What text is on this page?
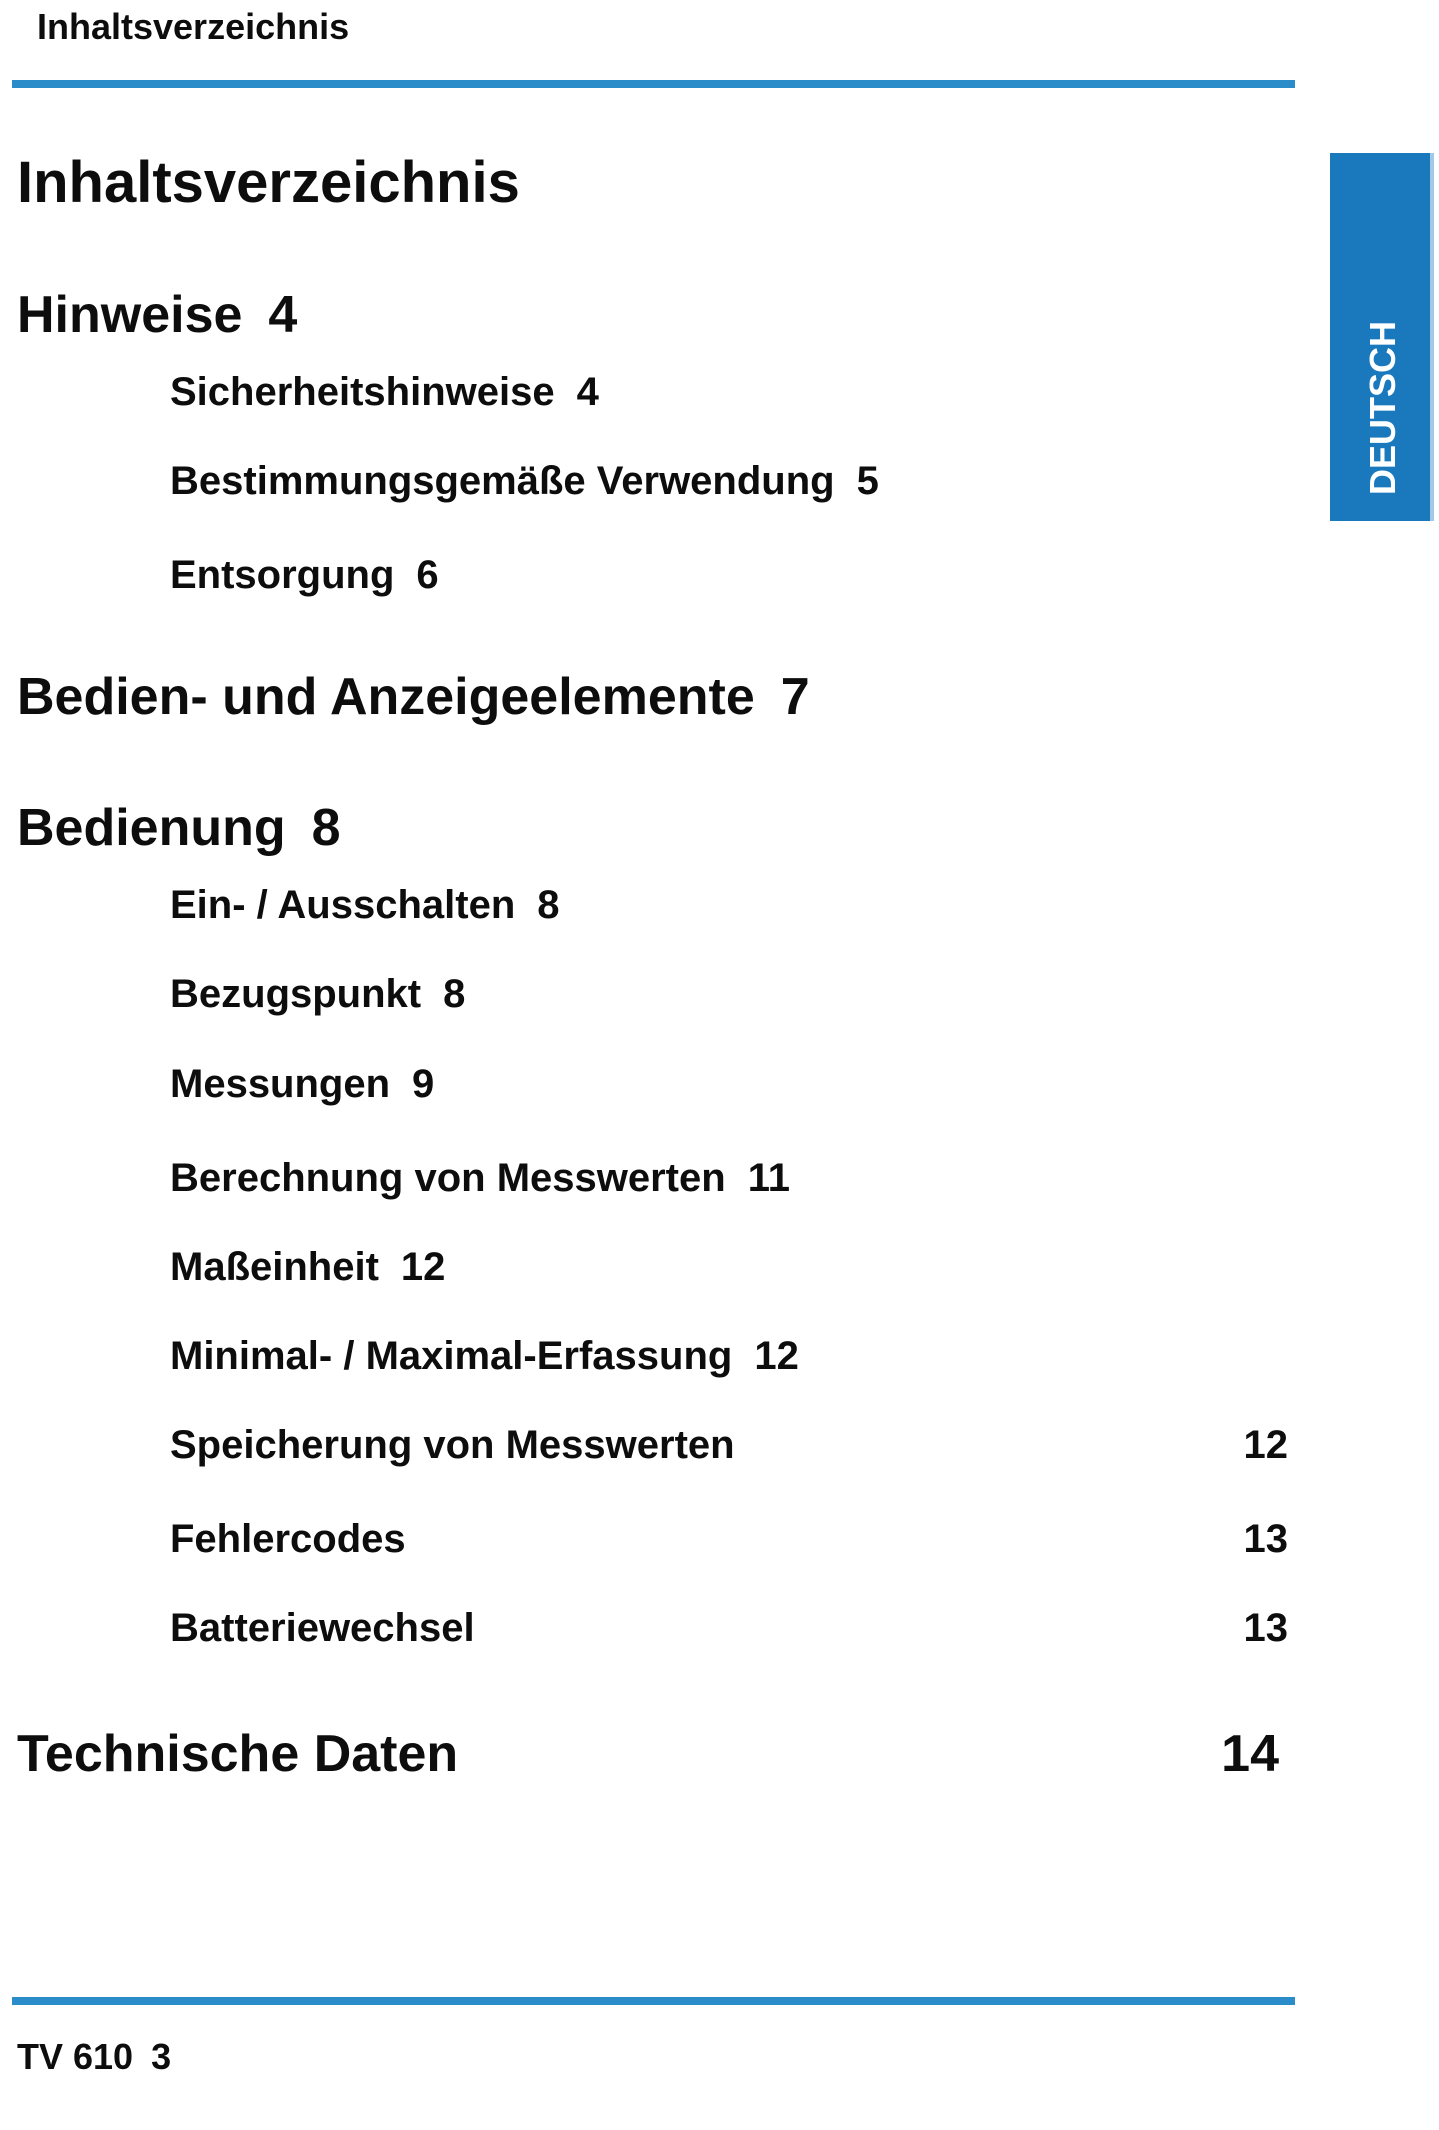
Inhaltsverzeichnis
DEUTSCH
Inhaltsverzeichnis
Hinweise 4
Sicherheitshinweise 4
Bestimmungsgemäße Verwendung 5
Entsorgung 6
Bedien- und Anzeigeelemente 7
Bedienung 8
Ein- / Ausschalten 8
Bezugspunkt 8
Messungen 9
Berechnung von Messwerten 11
Maßeinheit 12
Minimal- / Maximal-Erfassung 12
Speicherung von Messwerten	12
Fehlercodes	13
Batteriewechsel	13
Technische Daten	14
TV 610 3
